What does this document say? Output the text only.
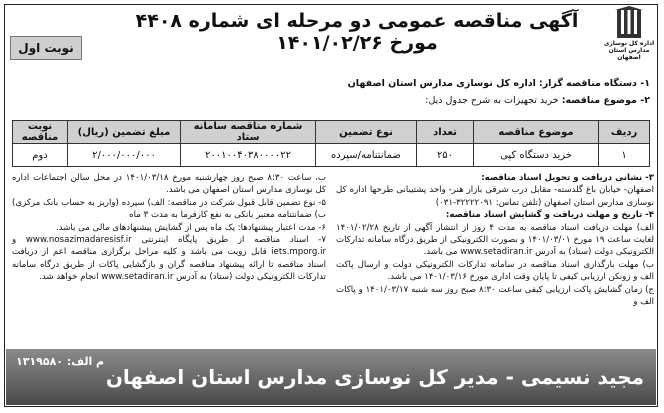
اداره کل نوسازی مدارس استان اصفهان
آگهی مناقصه عمومی دو مرحله ای شماره ۴۴۰۸ مورخ ۱۴۰۱/۰۲/۲۶
نوبت اول
۱- دستگاه مناقصه گزار: اداره کل نوسازی مدارس استان اصفهان
۲- موضوع مناقصه: خرید تجهیزات به شرح جدول ذیل:
ردیف	موضوع مناقصه	تعداد	نوع تضمین	شماره مناقصه سامانه ستاد	مبلغ تضمین (ریال)	نوبت مناقصه
۱	خرید دستگاه کپی	۲۵۰	ضمانتنامه/سپرده	۲۰۰۱۰۰۴۰۳۸۰۰۰۰۲۲	۲/۰۰۰/۰۰۰/۰۰۰	دوم

۳- نشانی دریافت و تحویل اسناد مناقصه:

اصفهان- خیابان باغ گلدسته- مقابل درب شرقی بازار هنر- واحد پشتیبانی طرحها اداره کل نوسازی مدارس استان اصفهان (تلفن تماس: ۳۲۲۲۲۰۹۱-۰۳۱)

۴- تاریخ و مهلت دریافت و گشایش اسناد مناقصه:

الف) مهلت دریافت اسناد مناقصه به مدت ۴ روز از انتشار آگهی از تاریخ ۱۴۰۱/۰۲/۲۸ لغایت ساعت ۱۹ مورخ ۱۴۰۱/۰۳/۰۱ و بصورت الکترونیکی از طریق درگاه سامانه تدارکات الکترونیکی دولت (ستاد) به آدرس www.setadiran.ir می باشد.

ب) مهلت بارگذاری اسناد مناقصه در سامانه تدارکات الکترونیکی دولت و ارسال پاکت الف و زونکن ارزیابی کیفی تا پایان وقت اداری مورخ ۱۴۰۱/۰۳/۱۶ می باشد.

ج) زمان گشایش پاکت ارزیابی کیفی ساعت ۸:۳۰ صبح روز سه شنبه ۱۴۰۱/۰۳/۱۷ و پاکات الف و

ب، ساعت ۸:۳۰ صبح روز چهارشنبه مورخ ۱۴۰۱/۰۳/۱۸ در محل سالن اجتماعات اداره کل نوسازی مدارس استان اصفهان می باشد.

۵- نوع تضمین قابل قبول شرکت در مناقصه: الف) سپرده (واریز به حساب بانک مرکزی) ب) ضمانتنامه معتبر بانکی به نفع کارفرما به مدت ۳ ماه

۶- مدت اعتبار پیشنهادها: یک ماه پس از گشایش پیشنهادهای مالی می باشد.

۷- اسناد مناقصه از طریق پایگاه اینترنتی www.nosazimadaresisf.ir و iets.mporg.ir قابل رویت می باشد و کلیه مراحل برگزاری مناقصه اعم از دریافت اسناد مناقصه تا ارائه پیشنهاد مناقصه گران و بازگشایی پاکات از طریق درگاه سامانه تدارکات الکترونیکی دولت (ستاد) به آدرس www.setadiran.ir انجام خواهد شد.

م الف: ۱۳۱۹۵۸۰
مجید نسیمی - مدیر کل نوسازی مدارس استان اصفهان
